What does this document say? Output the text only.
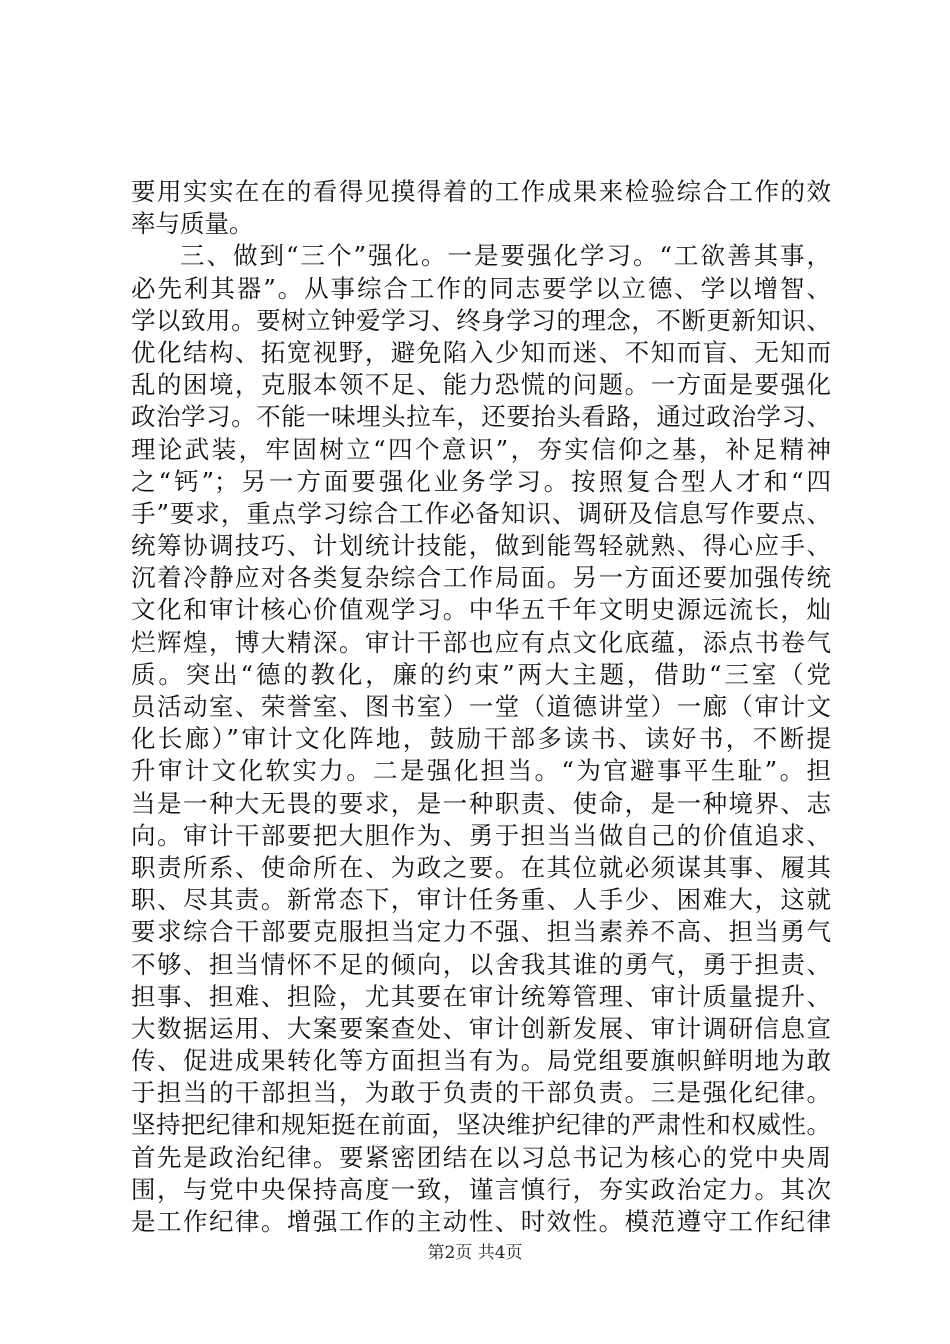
要用实实在在的看得见摸得着的工作成果来检验综合工作的效
率与质量。
三、做到“三个”强化。一是要强化学习。“工欲善其事，
必先利其器”。从事综合工作的同志要学以立德、学以增智、
学以致用。要树立钟爱学习、终身学习的理念，不断更新知识、
优化结构、拓宽视野，避免陷入少知而迷、不知而盲、无知而
乱的困境，克服本领不足、能力恐慌的问题。一方面是要强化
政治学习。不能一味埋头拉车，还要抬头看路，通过政治学习、
理论武装，牢固树立“四个意识”，夯实信仰之基，补足精神
之“钙”；另一方面要强化业务学习。按照复合型人才和“四
手”要求，重点学习综合工作必备知识、调研及信息写作要点、
统筹协调技巧、计划统计技能，做到能驾轻就熟、得心应手、
沉着冷静应对各类复杂综合工作局面。另一方面还要加强传统
文化和审计核心价值观学习。中华五千年文明史源远流长，灿
烂辉煌，博大精深。审计干部也应有点文化底蕴，添点书卷气
质。突出“德的教化，廉的约束”两大主题，借助“三室（党
员活动室、荣誉室、图书室）一堂（道德讲堂）一廊（审计文
化长廊）”审计文化阵地，鼓励干部多读书、读好书，不断提
升审计文化软实力。二是强化担当。“为官避事平生耻”。担
当是一种大无畏的要求，是一种职责、使命，是一种境界、志
向。审计干部要把大胆作为、勇于担当当做自己的价值追求、
职责所系、使命所在、为政之要。在其位就必须谋其事、履其
职、尽其责。新常态下，审计任务重、人手少、困难大，这就
要求综合干部要克服担当定力不强、担当素养不高、担当勇气
不够、担当情怀不足的倾向，以舍我其谁的勇气，勇于担责、
担事、担难、担险，尤其要在审计统筹管理、审计质量提升、
大数据运用、大案要案查处、审计创新发展、审计调研信息宣
传、促进成果转化等方面担当有为。局党组要旗帜鲜明地为敢
于担当的干部担当，为敢于负责的干部负责。三是强化纪律。
坚持把纪律和规矩挺在前面，坚决维护纪律的严肃性和权威性。
首先是政治纪律。要紧密团结在以习总书记为核心的党中央周
围，与党中央保持高度一致，谨言慎行，夯实政治定力。其次
是工作纪律。增强工作的主动性、时效性。模范遵守工作纪律
第2页 共4页
